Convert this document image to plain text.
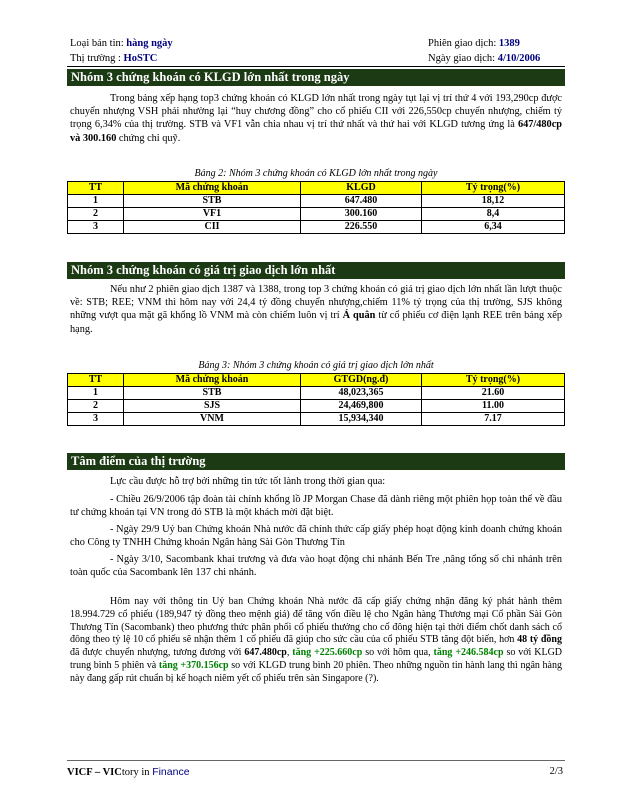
Loại bản tin: hàng ngày	Phiên giao dịch: 1389
Thị trường : HoSTC	Ngày giao dịch: 4/10/2006
Nhóm 3 chứng khoán có KLGD lớn nhất trong ngày

Trong bảng xếp hạng top3 chứng khoán có KLGD lớn nhất trong ngày tụt lại vị trí thứ 4 với 193,290cp được chuyển nhượng VSH phải nhường lại “huy chương đồng” cho cổ phiếu CII với 226,550cp chuyển nhượng, chiếm tỷ trọng 6,34% của thị trường. STB và VF1 vẫn chia nhau vị trí thứ nhất và thứ hai với KLGD tương ứng là 647/480cp và 300.160 chứng chỉ quỹ.

Bảng 2: Nhóm 3 chứng khoán có KLGD lớn nhất trong ngày
TT	Mã chứng khoán	KLGD	Tỷ trọng(%)
1	STB	647.480	18,12
2	VF1	300.160	8,4
3	CII	226.550	6,34
Nhóm 3 chứng khoán có giá trị giao dịch lớn nhất

Nếu như 2 phiên giao dịch 1387 và 1388, trong top 3 chứng khoán có giá trị giao dịch lớn nhất lần lượt thuộc về: STB; REE; VNM thì hôm nay với 24,4 tỷ đồng chuyển nhượng,chiếm 11% tỷ trọng của thị trường, SJS không những vượt qua mặt gã khổng lồ VNM mà còn chiếm luôn vị trí Á quân từ cổ phiếu cơ điện lạnh REE trên bảng xếp hạng.

Bảng 3: Nhóm 3 chứng khoán có giá trị giao dịch lớn nhất
TT	Mã chứng khoán	GTGD(ng.đ)	Tỷ trọng(%)
1	STB	48,023,365	21.60
2	SJS	24,469,800	11.00
3	VNM	15,934,340	7.17
Tâm điểm của thị trường

Lực cầu được hỗ trợ bởi những tin tức tốt lành trong thời gian qua:

- Chiều 26/9/2006 tập đoàn tài chính khổng lồ JP Morgan Chase đã dành riêng một phiên họp toàn thể về đầu tư chứng khoán tại VN trong đó STB là một khách mời đặt biệt.

- Ngày 29/9 Uỷ ban Chứng khoán Nhà nước đã chính thức cấp giấy phép hoạt động kinh doanh chứng khoán cho Công ty TNHH Chứng khoán Ngân hàng Sài Gòn Thương Tín

- Ngày 3/10, Sacombank khai trương và đưa vào hoạt động chi nhánh Bến Tre ,nâng tổng số chi nhánh trên toàn quốc của Sacombank lên 137 chi nhánh.

Hôm nay với thông tin Uỷ ban Chứng khoán Nhà nước đã cấp giấy chứng nhận đăng ký phát hành thêm 18.994.729 cổ phiếu (189,947 tỷ đồng theo mệnh giá) để tăng vốn điều lệ cho Ngân hàng Thương mại Cổ phần Sài Gòn Thương Tín (Sacombank) theo phương thức phân phối cổ phiếu thưởng cho cổ đông hiện tại thời điểm chốt danh sách cổ đông theo tỷ lệ 10 cổ phiếu sẽ nhận thêm 1 cổ phiếu đã giúp cho sức cầu của cổ phiếu STB tăng đột biến, hơn 48 tỷ đồng đã được chuyển nhượng, tương đương với 647.480cp, tăng +225.660cp so với hôm qua, tăng +246.584cp so với KLGD trung bình 5 phiên và tăng +370.156cp so với KLGD trung bình 20 phiên. Theo những nguồn tin hành lang thì ngân hàng này đang gấp rút chuẩn bị kế hoạch niêm yết cổ phiếu trên sàn Singapore (?).

VICF – VICtory in Finance	2/3
